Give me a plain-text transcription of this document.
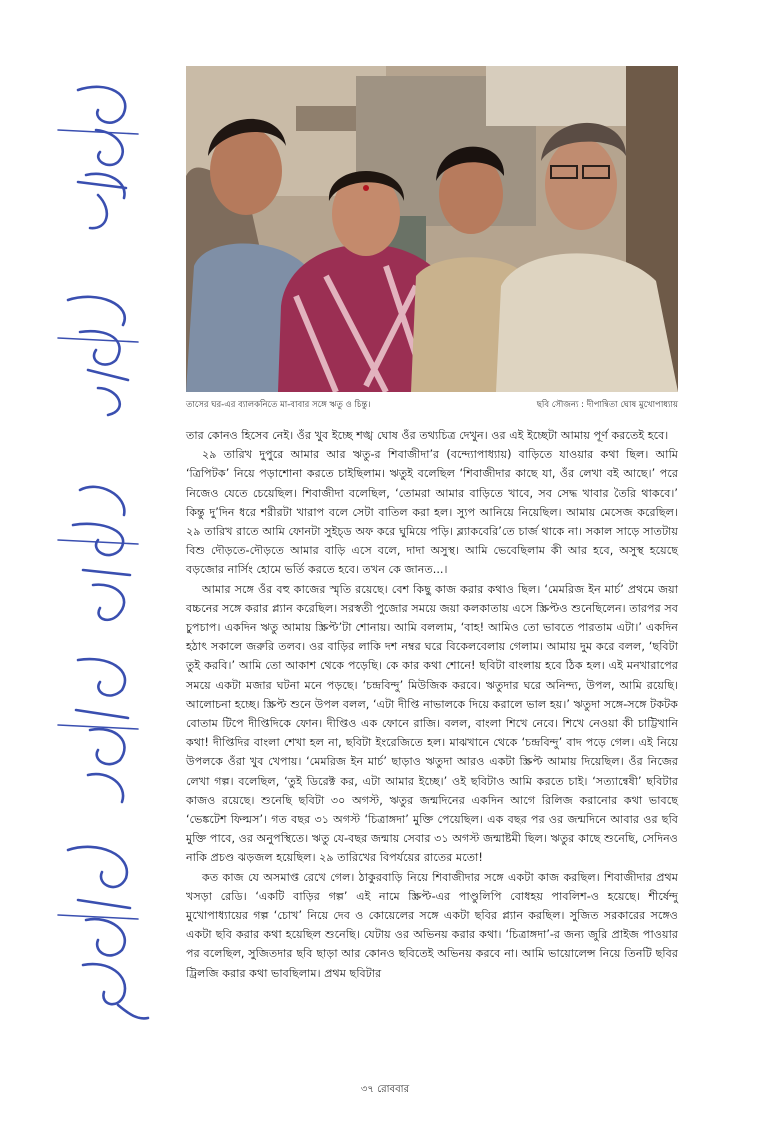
তাসের ঘর-এর ব্যালকনিতে মা-বাবার সঙ্গে ঋতু ও চিন্তু।	ছবি সৌজন্য : দীপান্বিতা ঘোষ মুখোপাধ্যায়

তার কোনও হিসেব নেই। ওঁর খুব ইচ্ছে শঙ্খ ঘোষ ওঁর তথ্যচিত্র দেখুন। ওর এই ইচ্ছেটা আমায় পূর্ণ করতেই হবে।

২৯ তারিখ দুপুরে আমার আর ঋতু-র শিবাজীদা’র (বন্দ্যোপাধ্যায়) বাড়িতে যাওয়ার কথা ছিল। আমি ‘ত্রিপিটক’ নিয়ে পড়াশোনা করতে চাইছিলাম। ঋতুই বলেছিল ‘শিবাজীদার কাছে যা, ওঁর লেখা বই আছে।’ পরে নিজেও যেতে চেয়েছিল। শিবাজীদা বলেছিল, ‘তোমরা আমার বাড়িতে খাবে, সব সেদ্ধ খাবার তৈরি থাকবে।’ কিন্তু দু’দিন ধরে শরীরটা খারাপ বলে সেটা বাতিল করা হল। স্যুপ আনিয়ে নিয়েছিল। আমায় মেসেজ করেছিল। ২৯ তারিখ রাতে আমি ফোনটা সুইচ্‌ড অফ করে ঘুমিয়ে পড়ি। ব্ল্যাকবেরি’তে চার্জ থাকে না। সকাল সাড়ে সাতটায় বিশু দৌড়তে-দৌড়তে আমার বাড়ি এসে বলে, দাদা অসুস্থ। আমি ভেবেছিলাম কী আর হবে, অসুস্থ হয়েছে বড়জোর নার্সিং হোমে ভর্তি করতে হবে। তখন কে জানত...।

আমার সঙ্গে ওঁর বহু কাজের স্মৃতি রয়েছে। বেশ কিছু কাজ করার কথাও ছিল। ‘মেমরিজ ইন মার্চ’ প্রথমে জয়া বচ্চনের সঙ্গে করার প্ল্যান করেছিল। সরস্বতী পুজোর সময়ে জয়া কলকাতায় এসে স্ক্রিপ্টও শুনেছিলেন। তারপর সব চুপচাপ। একদিন ঋতু আমায় স্ক্রিপ্ট’টা শোনায়। আমি বললাম, ‘বাহ! আমিও তো ভাবতে পারতাম এটা।’ একদিন হঠাৎ সকালে জরুরি তলব। ওর বাড়ির লাকি দশ নম্বর ঘরে বিকেলবেলায় গেলাম। আমায় দুম করে বলল, ‘ছবিটা তুই করবি।’ আমি তো আকাশ থেকে পড়েছি। কে কার কথা শোনে! ছবিটা বাংলায় হবে ঠিক হল। এই মনখারাপের সময়ে একটা মজার ঘটনা মনে পড়ছে। ‘চন্দ্রবিন্দু’ মিউজিক করবে। ঋতুদার ঘরে অনিন্দ্য, উপল, আমি রয়েছি। আলোচনা হচ্ছে। স্ক্রিপ্ট শুনে উপল বলল, ‘এটা দীপ্তি নাভালকে দিয়ে করালে ভাল হয়।’ ঋতুদা সঙ্গে-সঙ্গে টকটক বোতাম টিপে দীপ্তিদিকে ফোন। দীপ্তিও এক ফোনে রাজি। বলল, বাংলা শিখে নেবে। শিখে নেওয়া কী চাট্টিখানি কথা! দীপ্তিদির বাংলা শেখা হল না, ছবিটা ইংরেজিতে হল। মাঝখানে থেকে ‘চন্দ্রবিন্দু’ বাদ পড়ে গেল। এই নিয়ে উপলকে ওঁরা খুব খেপায়। ‘মেমরিজ ইন মার্চ’ ছাড়াও ঋতুদা আরও একটা স্ক্রিপ্ট আমায় দিয়েছিল। ওঁর নিজের লেখা গল্প। বলেছিল, ‘তুই ডিরেক্ট কর, এটা আমার ইচ্ছে।’ ওই ছবিটাও আমি করতে চাই। ‘সত্যান্বেষী’ ছবিটার কাজও রয়েছে। শুনেছি ছবিটা ৩০ অগস্ট, ঋতুর জন্মদিনের একদিন আগে রিলিজ করানোর কথা ভাবছে ‘ভেঙ্কটেশ ফিল্মস’। গত বছর ৩১ অগস্ট ‘চিত্রাঙ্গদা’ মুক্তি পেয়েছিল। এক বছর পর ওর জন্মদিনে আবার ওর ছবি মুক্তি পাবে, ওর অনুপস্থিতে। ঋতু যে-বছর জন্মায় সেবার ৩১ অগস্ট জন্মাষ্টমী ছিল। ঋতুর কাছে শুনেছি, সেদিনও নাকি প্রচণ্ড ঝড়জল হয়েছিল। ২৯ তারিখের বিপর্যয়ের রাতের মতো!

কত কাজ যে অসমাপ্ত রেখে গেল। ঠাকুরবাড়ি নিয়ে শিবাজীদার সঙ্গে একটা কাজ করছিল। শিবাজীদার প্রথম খসড়া রেডি। ‘একটি বাড়ির গল্প’ এই নামে স্ক্রিপ্ট-এর পাণ্ডুলিপি বোধহয় পাবলিশ-ও হয়েছে। শীর্ষেন্দু মুখোপাধ্যায়ের গল্প ‘চোখ’ নিয়ে দেব ও কোয়েলের সঙ্গে একটা ছবির প্ল্যান করছিল। সুজিত সরকারের সঙ্গেও একটা ছবি করার কথা হয়েছিল শুনেছি। যেটায় ওর অভিনয় করার কথা। ‘চিত্রাঙ্গদা’-র জন্য জুরি প্রাইজ পাওয়ার পর বলেছিল, সুজিতদার ছবি ছাড়া আর কোনও ছবিতেই অভিনয় করবে না। আমি ভায়োলেন্স নিয়ে তিনটি ছবির ট্রিলজি করার কথা ভাবছিলাম। প্রথম ছবিটার

৩৭ রোববার
